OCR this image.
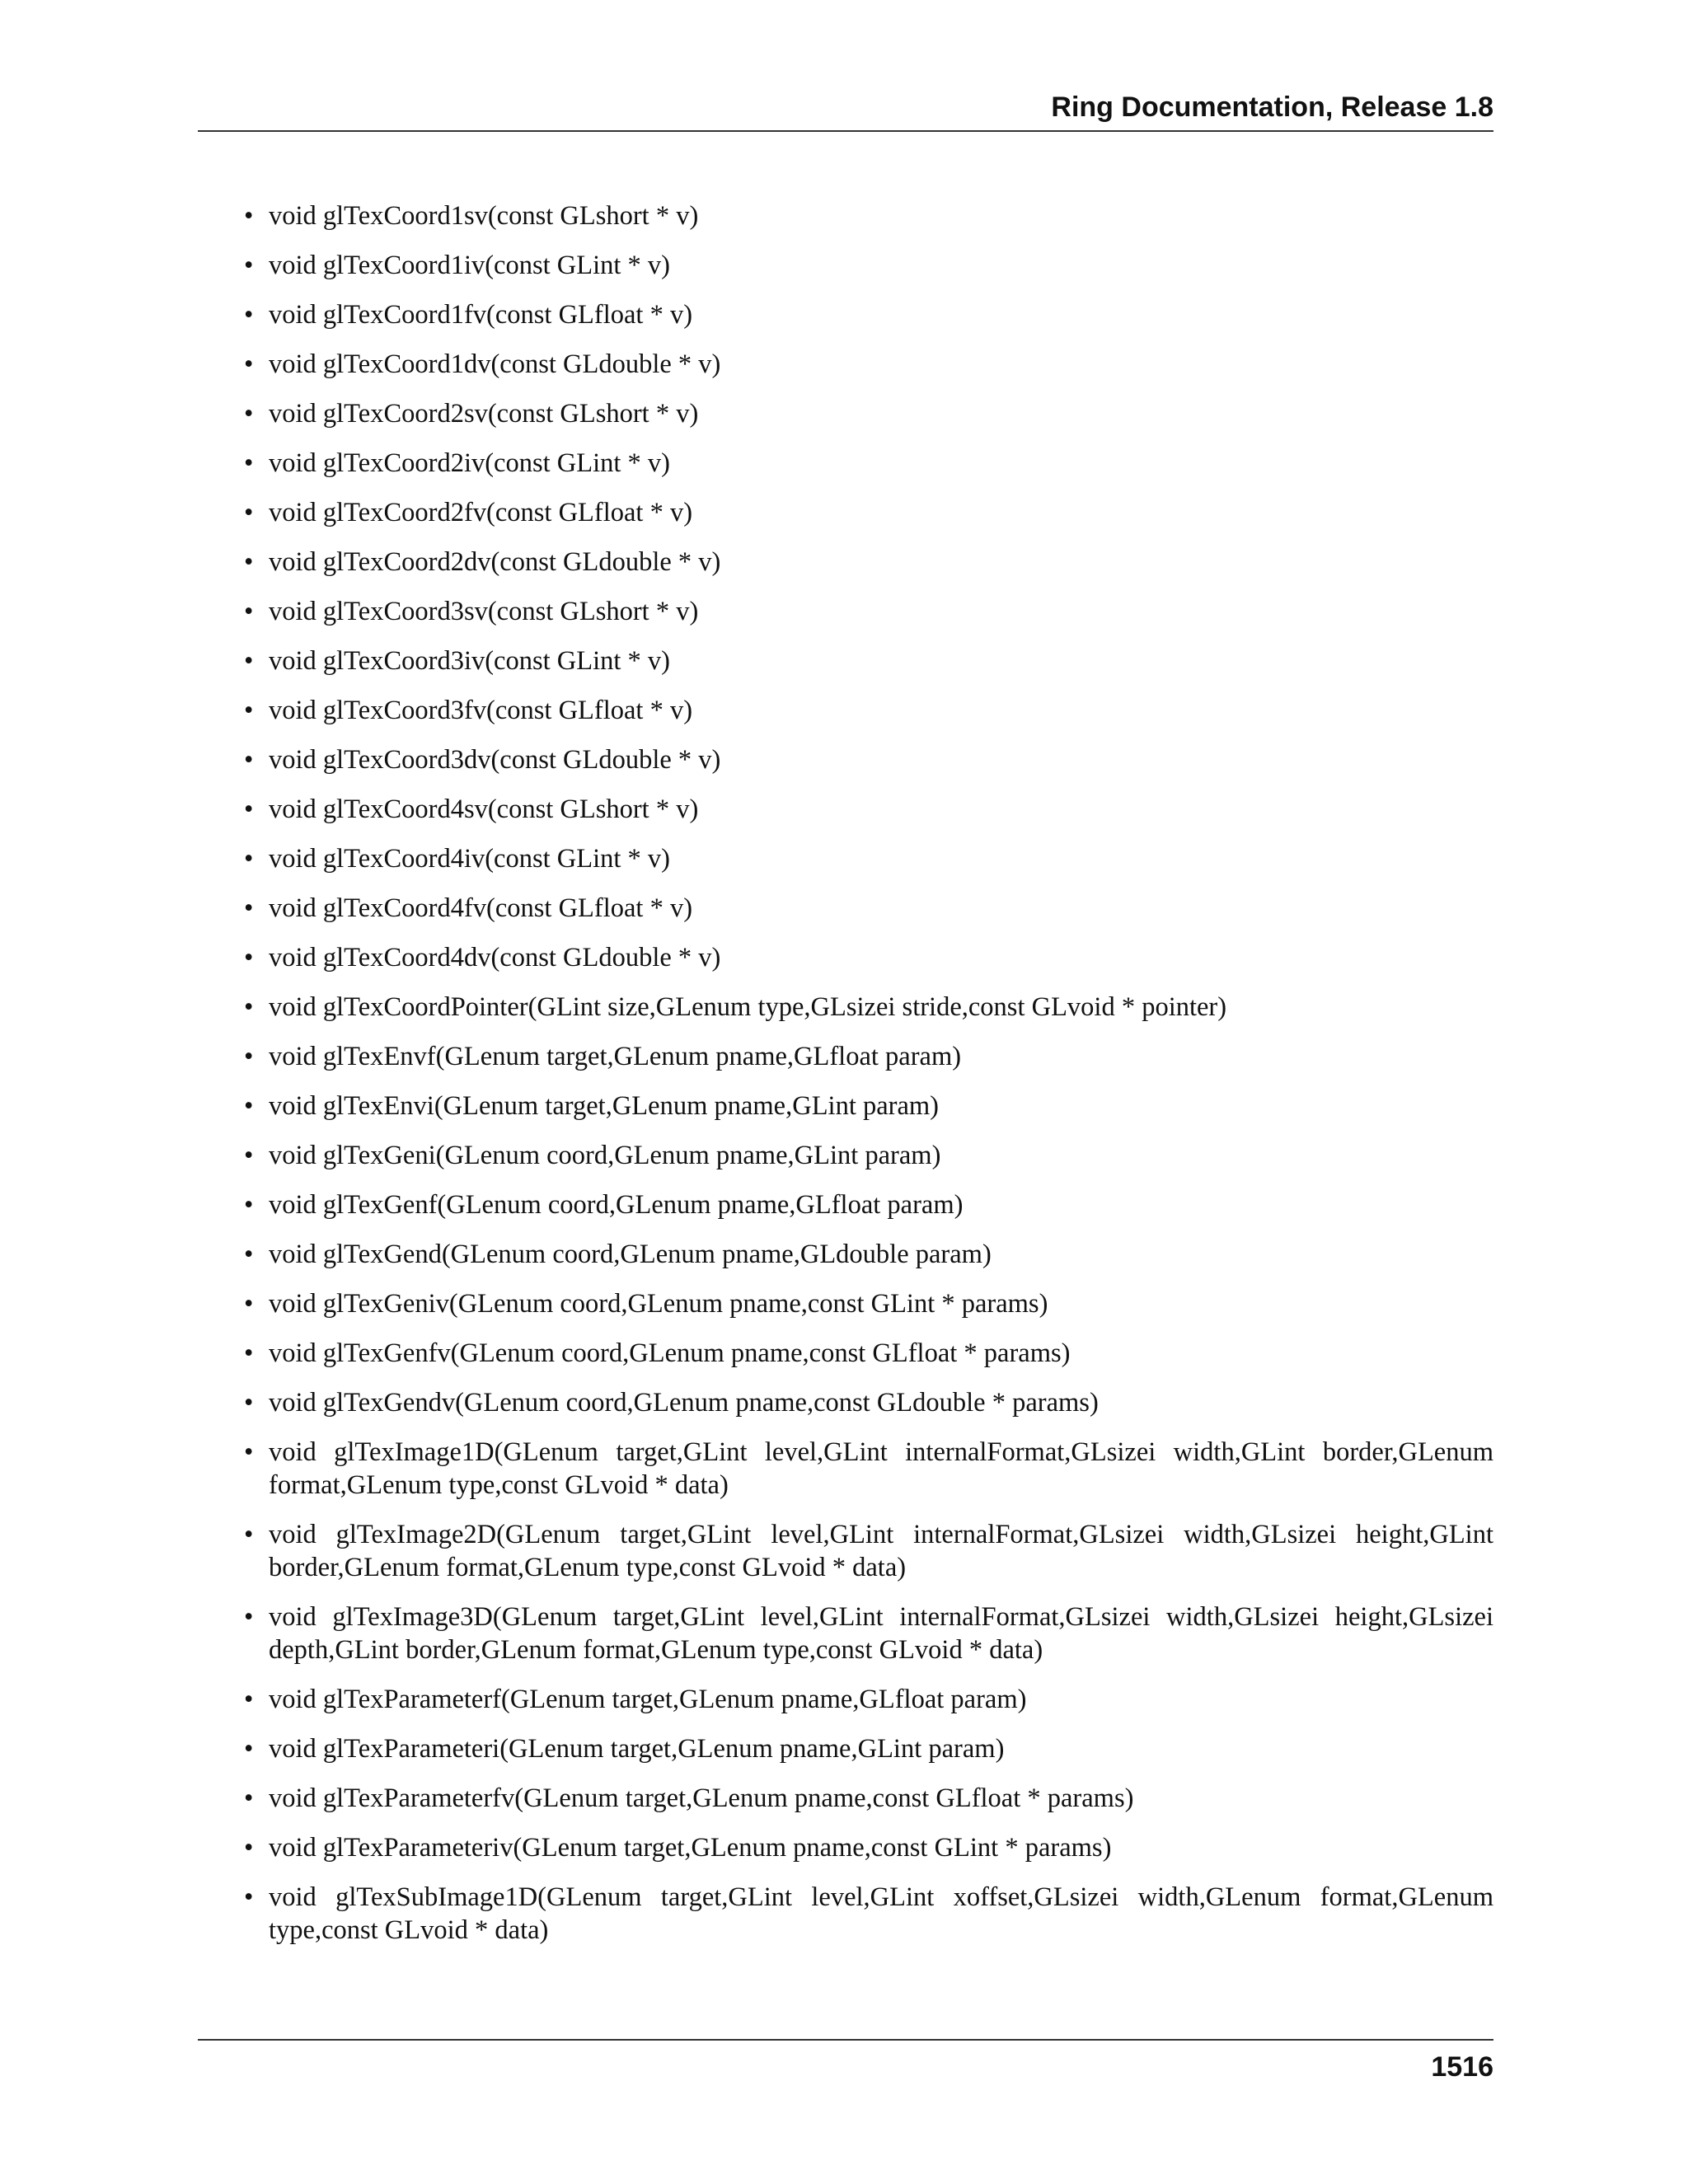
Ring Documentation, Release 1.8
• void glTexCoord1sv(const GLshort * v)
• void glTexCoord1iv(const GLint * v)
• void glTexCoord1fv(const GLfloat * v)
• void glTexCoord1dv(const GLdouble * v)
• void glTexCoord2sv(const GLshort * v)
• void glTexCoord2iv(const GLint * v)
• void glTexCoord2fv(const GLfloat * v)
• void glTexCoord2dv(const GLdouble * v)
• void glTexCoord3sv(const GLshort * v)
• void glTexCoord3iv(const GLint * v)
• void glTexCoord3fv(const GLfloat * v)
• void glTexCoord3dv(const GLdouble * v)
• void glTexCoord4sv(const GLshort * v)
• void glTexCoord4iv(const GLint * v)
• void glTexCoord4fv(const GLfloat * v)
• void glTexCoord4dv(const GLdouble * v)
• void glTexCoordPointer(GLint size,GLenum type,GLsizei stride,const GLvoid * pointer)
• void glTexEnvf(GLenum target,GLenum pname,GLfloat param)
• void glTexEnvi(GLenum target,GLenum pname,GLint param)
• void glTexGeni(GLenum coord,GLenum pname,GLint param)
• void glTexGenf(GLenum coord,GLenum pname,GLfloat param)
• void glTexGend(GLenum coord,GLenum pname,GLdouble param)
• void glTexGeniv(GLenum coord,GLenum pname,const GLint * params)
• void glTexGenfv(GLenum coord,GLenum pname,const GLfloat * params)
• void glTexGendv(GLenum coord,GLenum pname,const GLdouble * params)
• void glTexImage1D(GLenum target,GLint level,GLint internalFormat,GLsizei width,GLint border,GLenum format,GLenum type,const GLvoid * data)
• void glTexImage2D(GLenum target,GLint level,GLint internalFormat,GLsizei width,GLsizei height,GLint border,GLenum format,GLenum type,const GLvoid * data)
• void glTexImage3D(GLenum target,GLint level,GLint internalFormat,GLsizei width,GLsizei height,GLsizei depth,GLint border,GLenum format,GLenum type,const GLvoid * data)
• void glTexParameterf(GLenum target,GLenum pname,GLfloat param)
• void glTexParameteri(GLenum target,GLenum pname,GLint param)
• void glTexParameterfv(GLenum target,GLenum pname,const GLfloat * params)
• void glTexParameteriv(GLenum target,GLenum pname,const GLint * params)
• void glTexSubImage1D(GLenum target,GLint level,GLint xoffset,GLsizei width,GLenum format,GLenum type,const GLvoid * data)
1516
